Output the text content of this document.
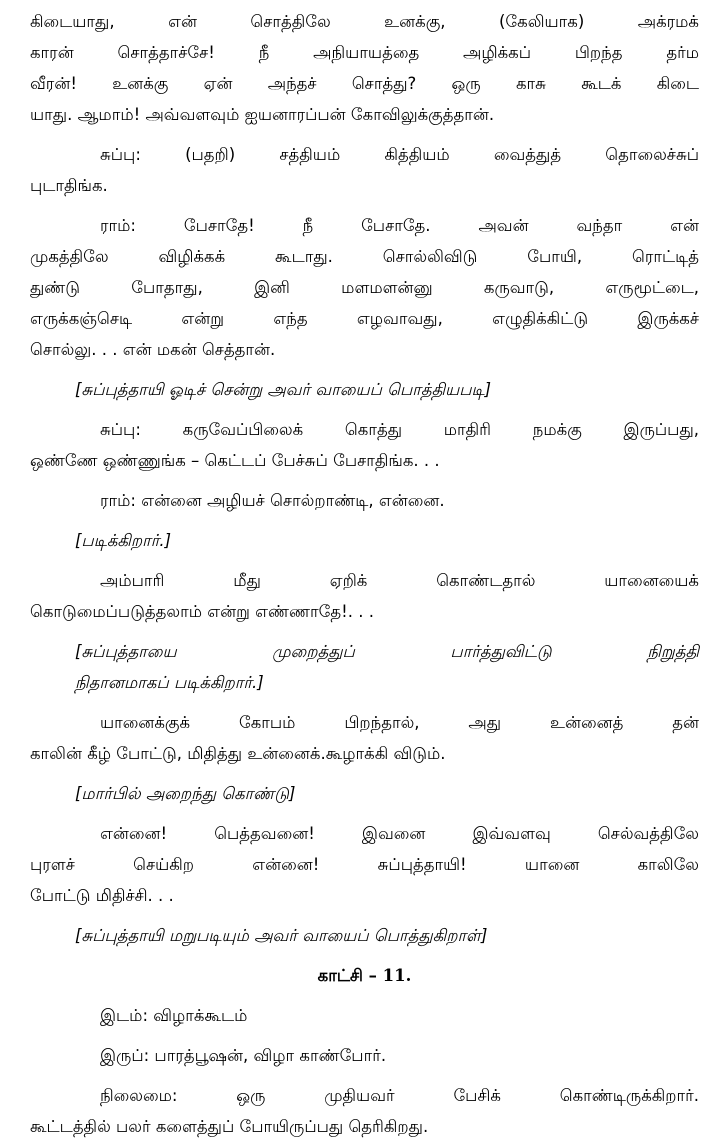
கிடையாது, என் சொத்திலே உனக்கு, (கேலியாக) அக்ரமக்
காரன் சொத்தாச்சே! நீ அநியாயத்தை அழிக்கப் பிறந்த தர்ம
வீரன்! உனக்கு ஏன் அந்தச் சொத்து? ஒரு காசு கூடக் கிடை
யாது. ஆமாம்! அவ்வளவும் ஐயனாரப்பன் கோவிலுக்குத்தான்.
சுப்பு: (பதறி) சத்தியம் கித்தியம் வைத்துத் தொலைச்சுப்
புடாதிங்க.
ராம்: பேசாதே! நீ பேசாதே. அவன் வந்தா என்
முகத்திலே விழிக்கக் கூடாது. சொல்லிவிடு போயி, ரொட்டித்
துண்டு போதாது, இனி மளமளன்னு கருவாடு, எருமூட்டை,
எருக்கஞ்செடி என்று எந்த எழவாவது, எழுதிக்கிட்டு இருக்கச்
சொல்லு. . . என் மகன் செத்தான்.
[சுப்புத்தாயி ஓடிச் சென்று அவர் வாயைப் பொத்தியபடி]
சுப்பு: கருவேப்பிலைக் கொத்து மாதிரி நமக்கு இருப்பது,
ஒண்ணே ஒண்ணுங்க – கெட்டப் பேச்சுப் பேசாதிங்க. . .
ராம்: என்னை அழியச் சொல்றாண்டி, என்னை.
[படிக்கிறார்.]
அம்பாரி மீது ஏறிக் கொண்டதால் யானையைக்
கொடுமைப்படுத்தலாம் என்று எண்ணாதே!. . .
[சுப்புத்தாயை முறைத்துப் பார்த்துவிட்டு நிறுத்தி
நிதானமாகப் படிக்கிறார்.]
யானைக்குக் கோபம் பிறந்தால், அது உன்னைத் தன்
காலின் கீழ் போட்டு, மிதித்து உன்னைக்.கூழாக்கி விடும்.
[மார்பில் அறைந்து கொண்டு]
என்னை! பெத்தவனை! இவனை இவ்வளவு செல்வத்திலே
புரளச் செய்கிற என்னை! சுப்புத்தாயி! யானை காலிலே
போட்டு மிதிச்சி. . .
[சுப்புத்தாயி மறுபடியும் அவர் வாயைப் பொத்துகிறாள்]
காட்சி – 11.
இடம்: விழாக்கூடம்
இருப்: பாரத்பூஷன், விழா காண்போர்.
நிலைமை: ஒரு முதியவர் பேசிக் கொண்டிருக்கிறார்.
கூட்டத்தில் பலர் களைத்துப் போயிருப்பது தெரிகிறது.
